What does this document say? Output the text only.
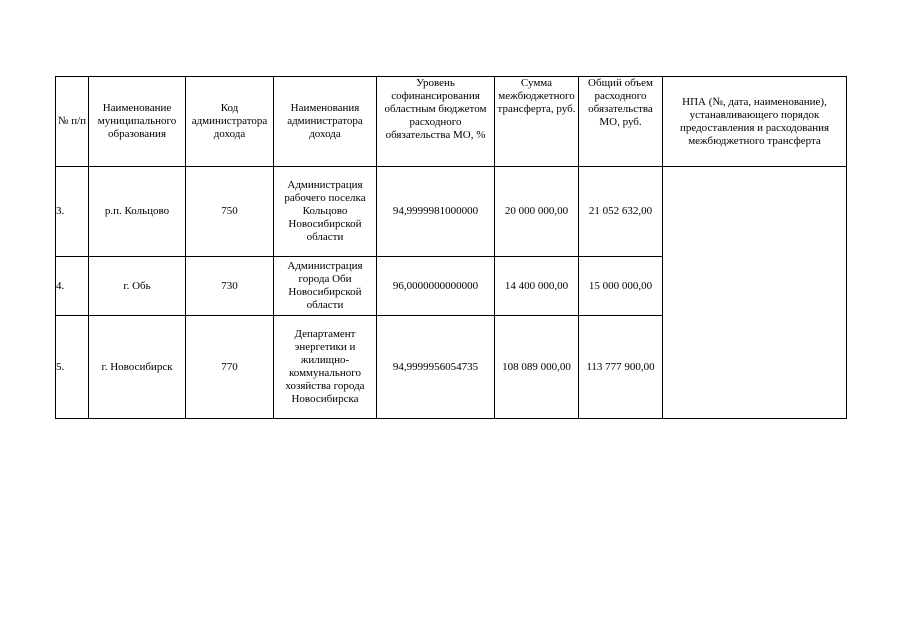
№ п/п	Наименование муниципального образования	Код администратора дохода	Наименования администратора дохода	Уровень софинансирования областным бюджетом расходного обязательства МО, %	Сумма межбюджетного трансферта, руб.	Общий объем расходного обязательства МО, руб.	НПА (№, дата, наименование), устанавливающего порядок предоставления и расходования межбюджетного трансферта
3.	р.п. Кольцово	750	Администрация рабочего поселка Кольцово Новосибирской области	94,9999981000000	20 000 000,00	21 052 632,00	
4.	г. Обь	730	Администрация города Оби Новосибирской области	96,0000000000000	14 400 000,00	15 000 000,00	
5.	г. Новосибирск	770	Департамент энергетики и жилищно-коммунального хозяйства города Новосибирска	94,9999956054735	108 089 000,00	113 777 900,00	
